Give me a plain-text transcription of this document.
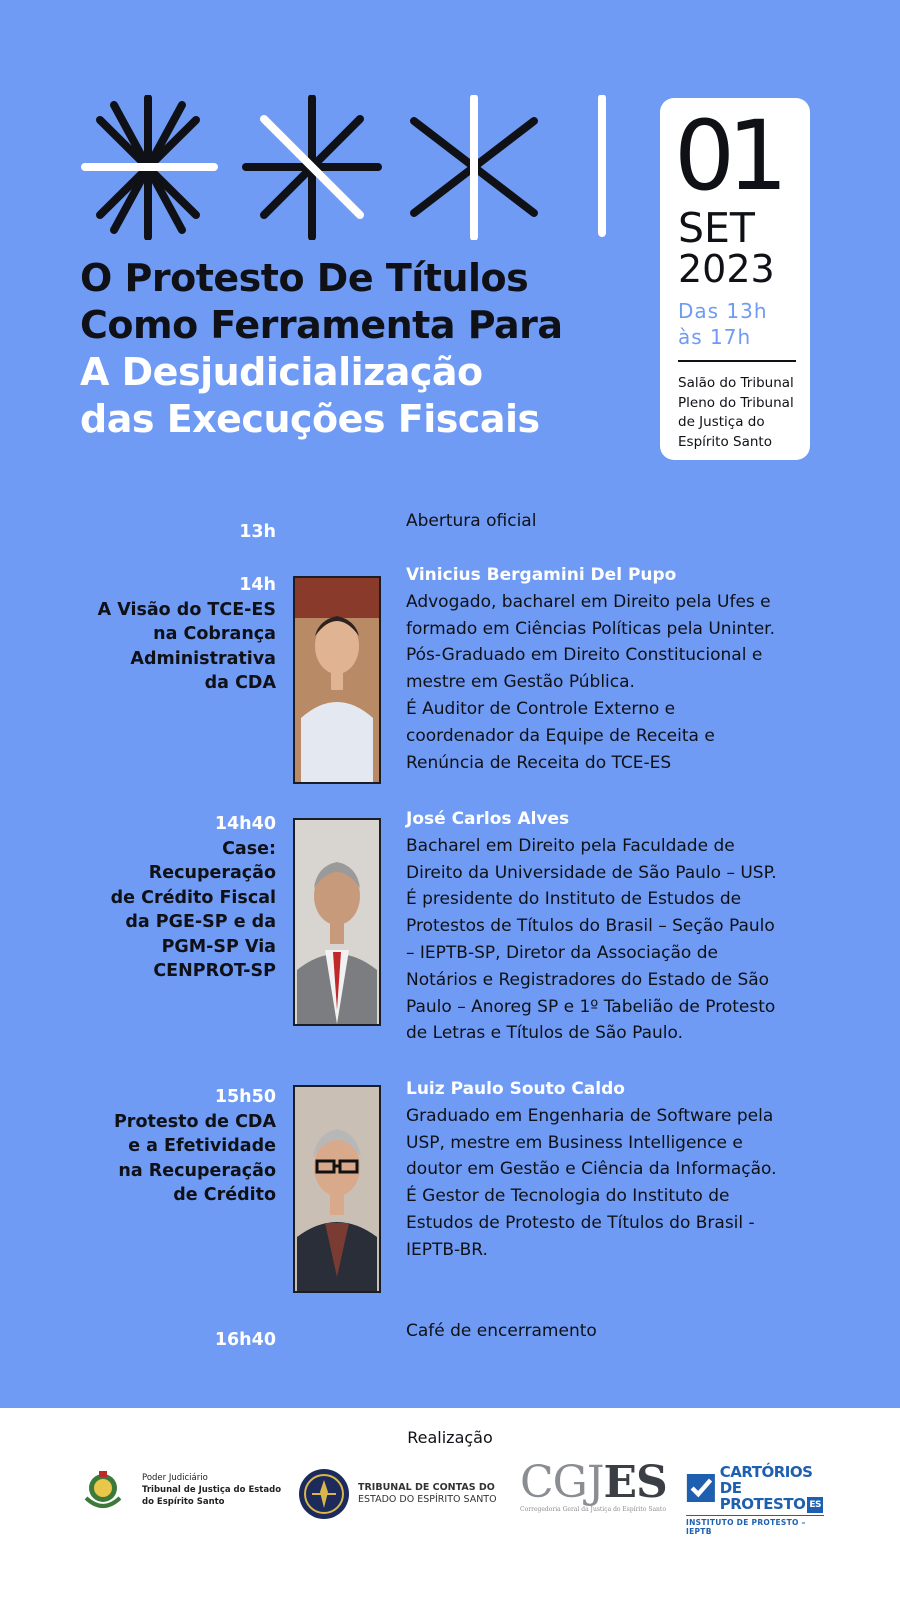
O Protesto De Títulos
Como Ferramenta Para
A Desjudicialização
das Execuções Fiscais
01
SET
2023
Das 13h
às 17h
Salão do Tribunal
Pleno do Tribunal
de Justiça do
Espírito Santo
13h

Abertura oficial

14h
A Visão do TCE-ES
na Cobrança
Administrativa
da CDA
Vinicius Bergamini Del Pupo

Advogado, bacharel em Direito pela Ufes e

formado em Ciências Políticas pela Uninter.

Pós-Graduado em Direito Constitucional e

mestre em Gestão Pública.

É Auditor de Controle Externo e

coordenador da Equipe de Receita e

Renúncia de Receita do TCE-ES

14h40
Case:
Recuperação
de Crédito Fiscal
da PGE-SP e da
PGM-SP Via
CENPROT-SP
José Carlos Alves

Bacharel em Direito pela Faculdade de

Direito da Universidade de São Paulo – USP.

É presidente do Instituto de Estudos de

Protestos de Títulos do Brasil – Seção Paulo

– IEPTB-SP, Diretor da Associação de

Notários e Registradores do Estado de São

Paulo – Anoreg SP e 1º Tabelião de Protesto

de Letras e Títulos de São Paulo.

15h50
Protesto de CDA
e a Efetividade
na Recuperação
de Crédito
Luiz Paulo Souto Caldo

Graduado em Engenharia de Software pela

USP, mestre em Business Intelligence e

doutor em Gestão e Ciência da Informação.

É Gestor de Tecnologia do Instituto de

Estudos de Protesto de Títulos do Brasil -

IEPTB-BR.

16h40	Café de encerramento

Realização
Poder Judiciário
Tribunal de Justiça do Estado
do Espírito Santo
TRIBUNAL DE CONTAS DO
ESTADO DO ESPÍRITO SANTO CGJES
Corregedoria Geral da Justiça do Espírito Santo
CARTÓRIOS DE
PROTESTO ES
INSTITUTO DE PROTESTO – IEPTB
